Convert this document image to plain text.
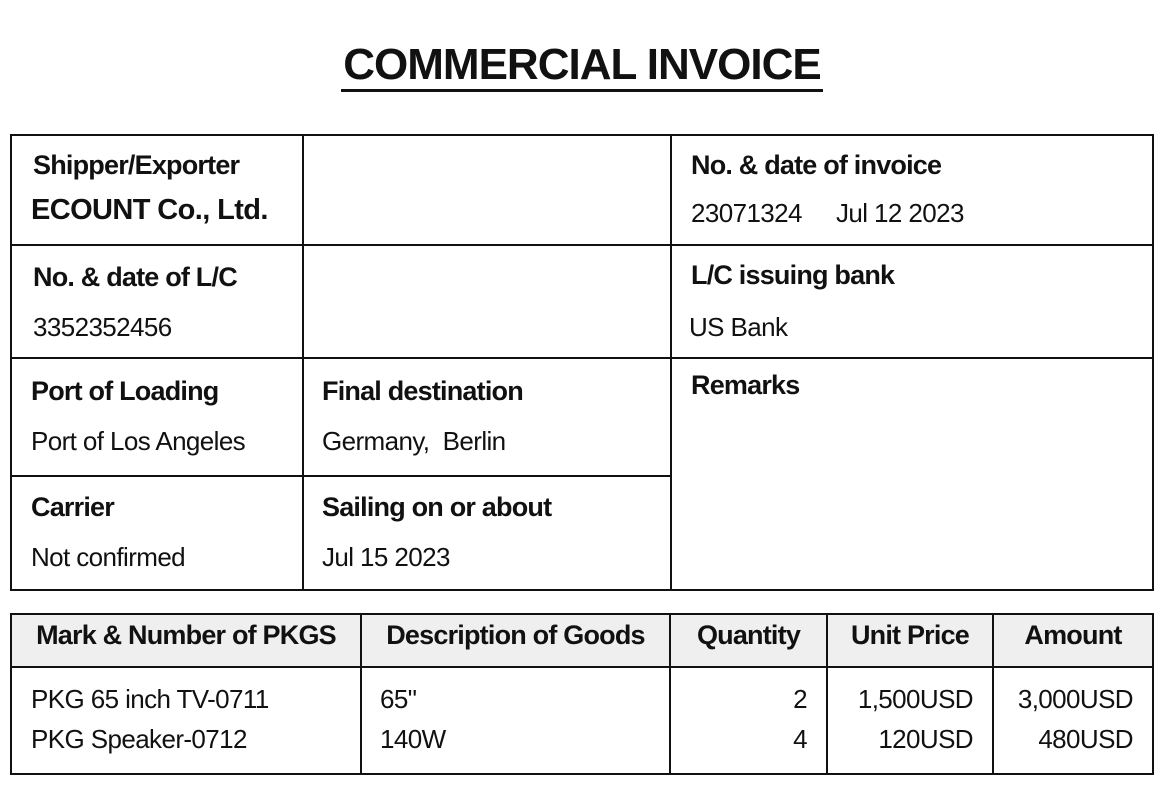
COMMERCIAL INVOICE
Shipper/Exporter
ECOUNT Co., Ltd.
No. & date of invoice
23071324 Jul 12 2023
No. & date of L/C
3352352456
L/C issuing bank
US Bank
Port of Loading
Port of Los Angeles
Final destination
Germany,  Berlin
Remarks
Carrier
Not confirmed
Sailing on or about
Jul 15 2023
Mark & Number of PKGS	Description of Goods	Quantity	Unit Price	Amount
PKG 65 inch TV-0711	65"	2	1,500USD	3,000USD
PKG Speaker-0712	140W	4	120USD	480USD
